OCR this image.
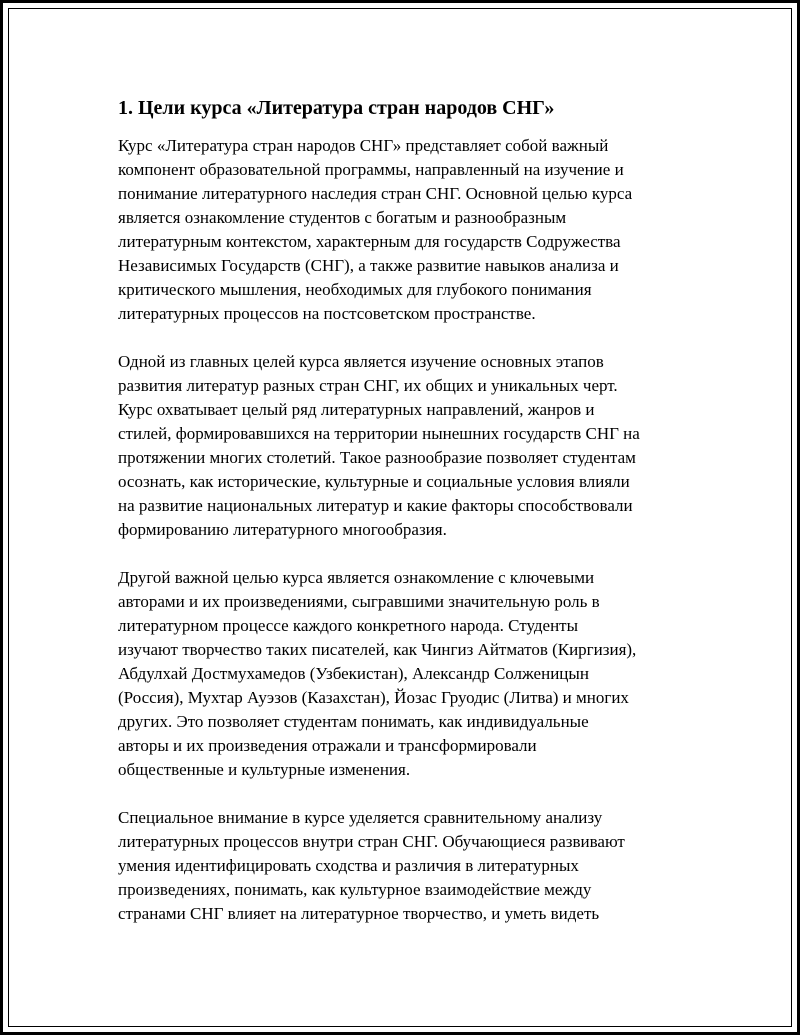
1. Цели курса «Литература стран народов СНГ»
Курс «Литература стран народов СНГ» представляет собой важный
компонент образовательной программы, направленный на изучение и
понимание литературного наследия стран СНГ. Основной целью курса
является ознакомление студентов с богатым и разнообразным
литературным контекстом, характерным для государств Содружества
Независимых Государств (СНГ), а также развитие навыков анализа и
критического мышления, необходимых для глубокого понимания
литературных процессов на постсоветском пространстве.
Одной из главных целей курса является изучение основных этапов
развития литератур разных стран СНГ, их общих и уникальных черт.
Курс охватывает целый ряд литературных направлений, жанров и
стилей, формировавшихся на территории нынешних государств СНГ на
протяжении многих столетий. Такое разнообразие позволяет студентам
осознать, как исторические, культурные и социальные условия влияли
на развитие национальных литератур и какие факторы способствовали
формированию литературного многообразия.
Другой важной целью курса является ознакомление с ключевыми
авторами и их произведениями, сыгравшими значительную роль в
литературном процессе каждого конкретного народа. Студенты
изучают творчество таких писателей, как Чингиз Айтматов (Киргизия),
Абдулхай Достмухамедов (Узбекистан), Александр Солженицын
(Россия), Мухтар Ауэзов (Казахстан), Йозас Груодис (Литва) и многих
других. Это позволяет студентам понимать, как индивидуальные
авторы и их произведения отражали и трансформировали
общественные и культурные изменения.
Специальное внимание в курсе уделяется сравнительному анализу
литературных процессов внутри стран СНГ. Обучающиеся развивают
умения идентифицировать сходства и различия в литературных
произведениях, понимать, как культурное взаимодействие между
странами СНГ влияет на литературное творчество, и уметь видеть
